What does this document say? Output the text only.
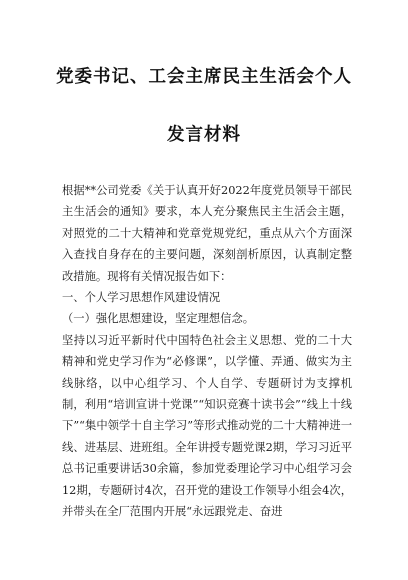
党委书记、工会主席民主生活会个人
发言材料

根据**公司党委《关于认真开好2022年度党员领导干部民主生活会的通知》要求，本人充分聚焦民主生活会主题，对照党的二十大精神和党章党规党纪，重点从六个方面深入查找自身存在的主要问题，深刻剖析原因，认真制定整改措施。现将有关情况报告如下：

一、个人学习思想作风建设情况

（一）强化思想建设，坚定理想信念。

坚持以习近平新时代中国特色社会主义思想、党的二十大精神和党史学习作为“必修课”，以学懂、弄通、做实为主线脉络，以中心组学习、个人自学、专题研讨为支撑机制，利用“培训宣讲十党课”“知识竞赛十读书会”“线上十线下”“集中领学十自主学习”等形式推动党的二十大精神进一线、进基层、进班组。全年讲授专题党课2期，学习习近平总书记重要讲话30余篇，参加党委理论学习中心组学习会12期，专题研讨4次，召开党的建设工作领导小组会4次，并带头在全厂范围内开展“永远跟党走、奋进
